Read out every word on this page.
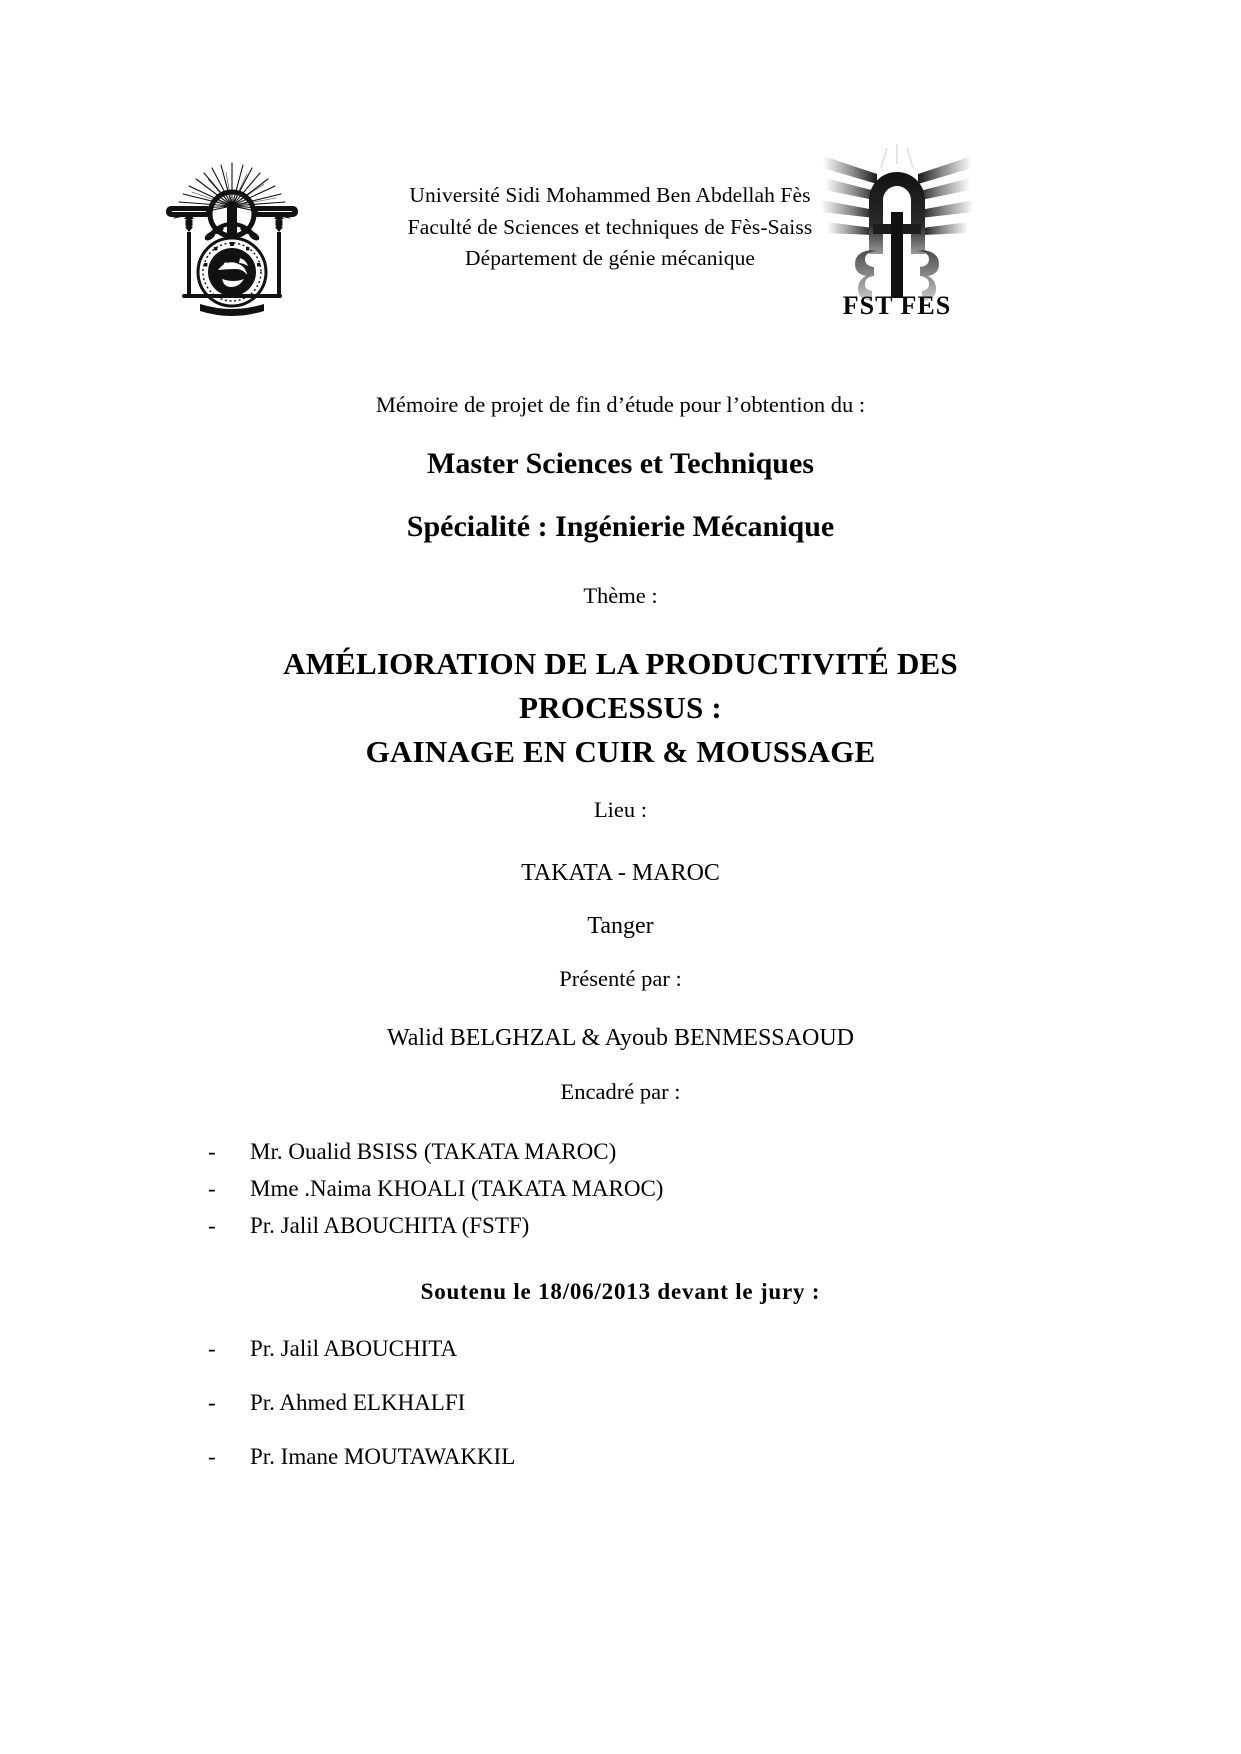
Université Sidi Mohammed Ben Abdellah Fès
Faculté de Sciences et techniques de Fès-Saiss
Département de génie mécanique
FST FES
Mémoire de projet de fin d’étude pour l’obtention du :
Master Sciences et Techniques
Spécialité : Ingénierie Mécanique
Thème :
AMÉLIORATION DE LA PRODUCTIVITÉ DES
PROCESSUS :
GAINAGE EN CUIR & MOUSSAGE
Lieu :
TAKATA - MAROC
Tanger
Présenté par :
Walid BELGHZAL & Ayoub BENMESSAOUD
Encadré par :
-	Mr. Oualid BSISS (TAKATA MAROC)
-	Mme .Naima KHOALI (TAKATA MAROC)
-	Pr. Jalil ABOUCHITA (FSTF)
Soutenu le 18/06/2013 devant le jury :
-	Pr. Jalil ABOUCHITA
-	Pr. Ahmed ELKHALFI
-	Pr. Imane MOUTAWAKKIL
